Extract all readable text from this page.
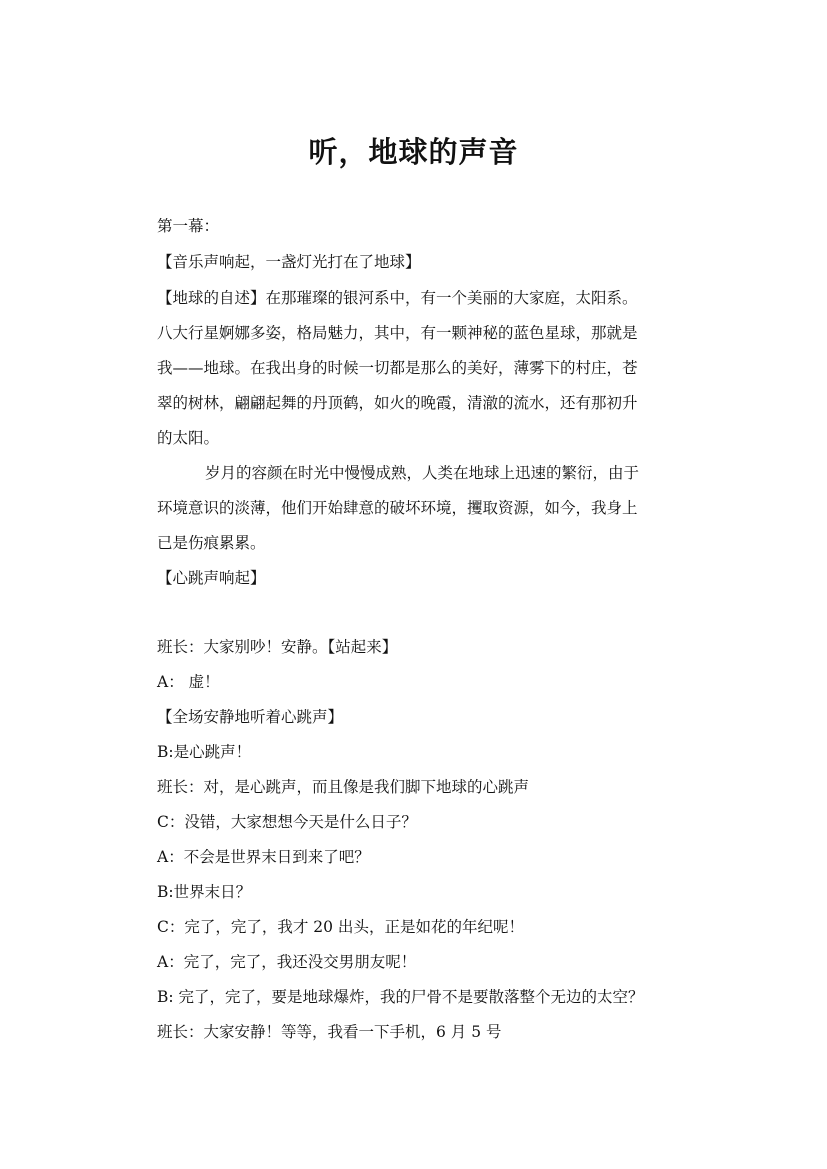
听，地球的声音
第一幕：
【音乐声响起，一盏灯光打在了地球】
【地球的自述】在那璀璨的银河系中，有一个美丽的大家庭，太阳系。
八大行星婀娜多姿，格局魅力，其中，有一颗神秘的蓝色星球，那就是
我——地球。在我出身的时候一切都是那么的美好，薄雾下的村庄，苍
翠的树林，翩翩起舞的丹顶鹤，如火的晚霞，清澈的流水，还有那初升
的太阳。
岁月的容颜在时光中慢慢成熟，人类在地球上迅速的繁衍，由于
环境意识的淡薄，他们开始肆意的破坏环境，攫取资源，如今，我身上
已是伤痕累累。
【心跳声响起】
班长：大家别吵！安静。【站起来】
A： 虚！
【全场安静地听着心跳声】
B:是心跳声！
班长：对，是心跳声，而且像是我们脚下地球的心跳声
C：没错，大家想想今天是什么日子？
A：不会是世界末日到来了吧？
B:世界末日？
C：完了，完了，我才 20 出头，正是如花的年纪呢！
A：完了，完了，我还没交男朋友呢！
B: 完了，完了，要是地球爆炸，我的尸骨不是要散落整个无边的太空？
班长：大家安静！等等，我看一下手机，6 月 5 号
